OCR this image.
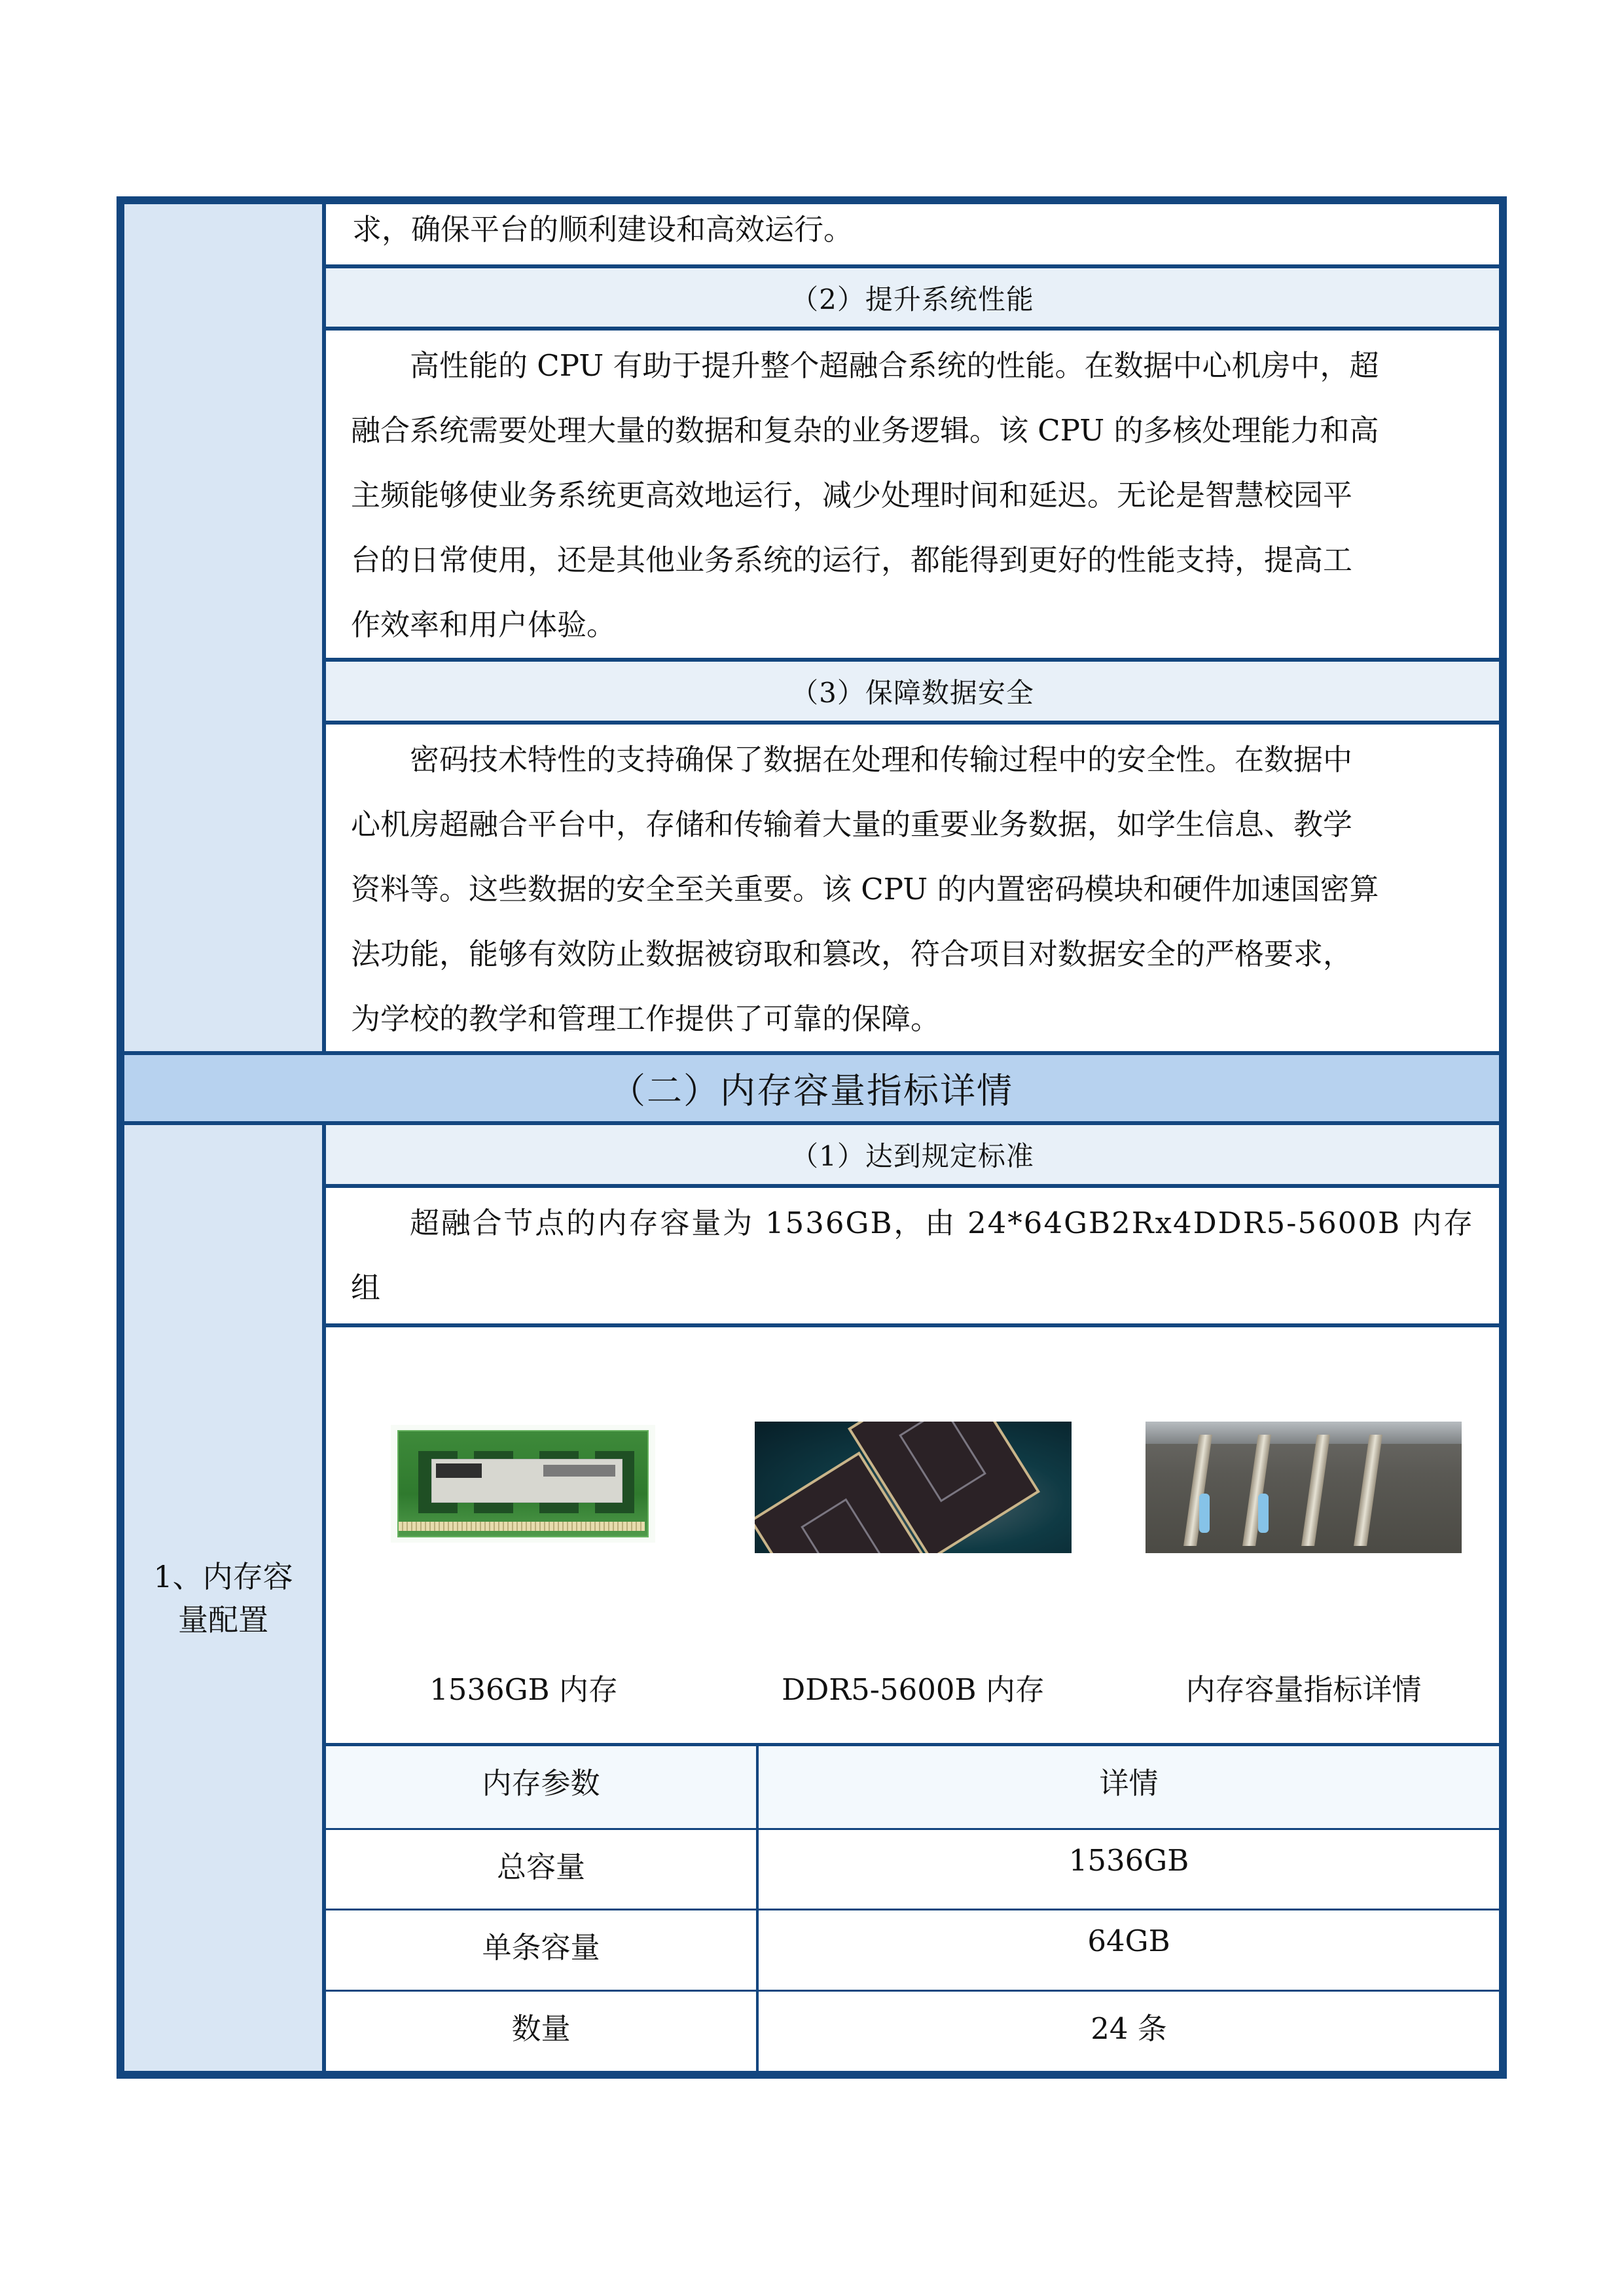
求，确保平台的顺利建设和高效运行。
（2）提升系统性能

高性能的 CPU 有助于提升整个超融合系统的性能。在数据中心机房中，超

融合系统需要处理大量的数据和复杂的业务逻辑。该 CPU 的多核处理能力和高

主频能够使业务系统更高效地运行，减少处理时间和延迟。无论是智慧校园平

台的日常使用，还是其他业务系统的运行，都能得到更好的性能支持，提高工

作效率和用户体验。

（3）保障数据安全

密码技术特性的支持确保了数据在处理和传输过程中的安全性。在数据中

心机房超融合平台中，存储和传输着大量的重要业务数据，如学生信息、教学

资料等。这些数据的安全至关重要。该 CPU 的内置密码模块和硬件加速国密算

法功能，能够有效防止数据被窃取和篡改，符合项目对数据安全的严格要求，

为学校的教学和管理工作提供了可靠的保障。

（二）内存容量指标详情
1、内存容量配置
（1）达到规定标准

超融合节点的内存容量为 1536GB，由 24*64GB2Rx4DDR5-5600B 内存组

1536GB 内存	DDR5-5600B 内存	内存容量指标详情
内存参数	详情
总容量	1536GB
单条容量	64GB
数量	24 条
